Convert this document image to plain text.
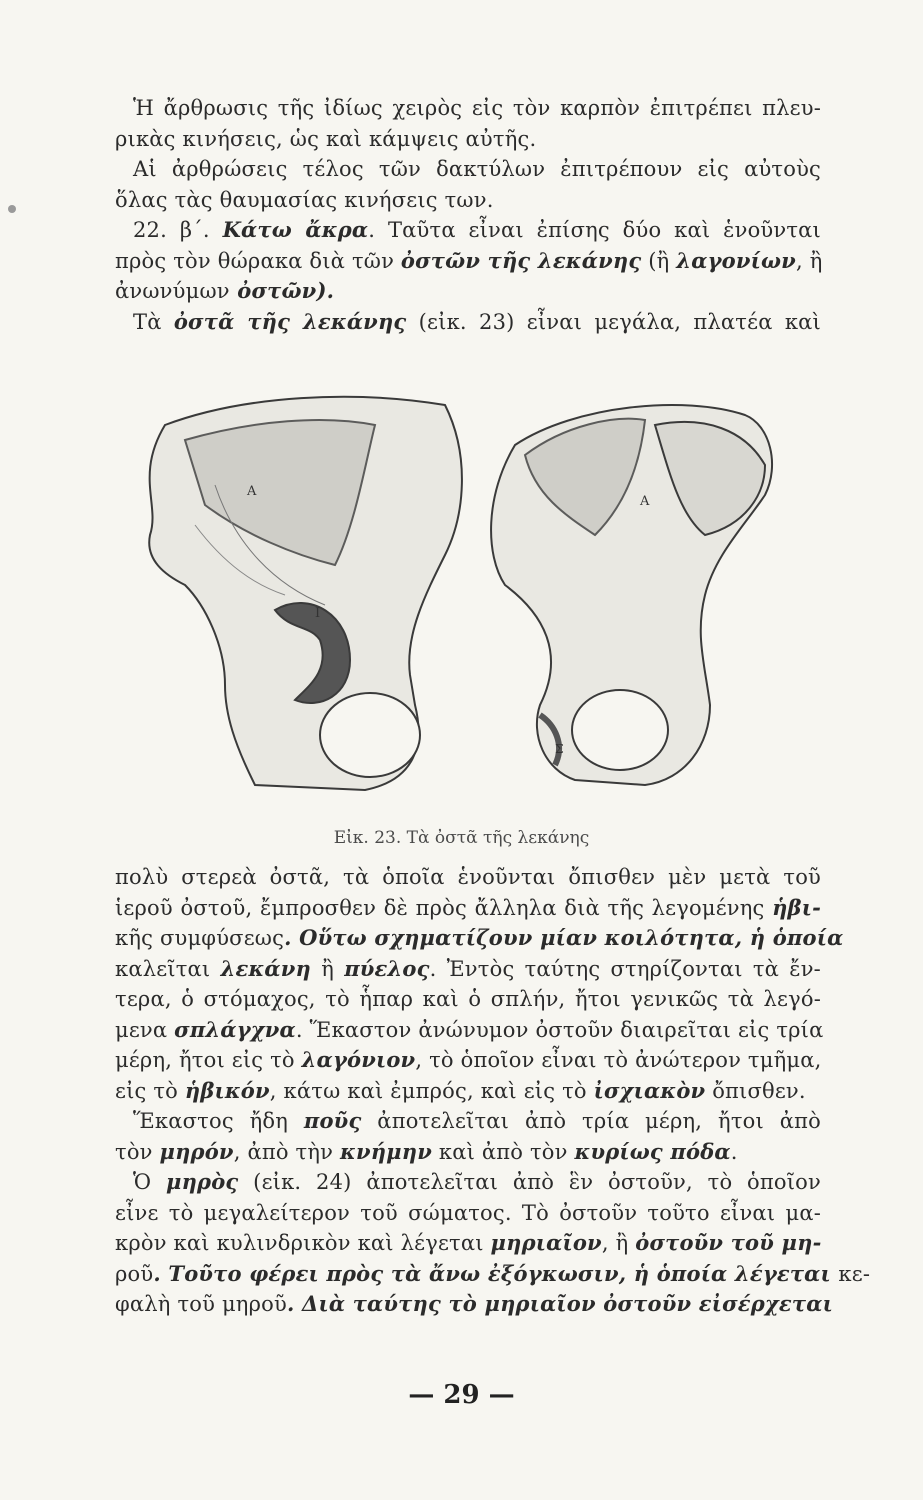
Ἡ ἄρθρωσις τῆς ἰδίως χειρὸς εἰς τὸν καρπὸν ἐπιτρέπει πλευ-
ρικὰς κινήσεις, ὡς καὶ κάμψεις αὐτῆς.
Αἱ ἀρθρώσεις τέλος τῶν δακτύλων ἐπιτρέπουν εἰς αὐτοὺς
ὅλας τὰς θαυμασίας κινήσεις των.
22. β΄. Κάτω ἄκρα. Ταῦτα εἶναι ἐπίσης δύο καὶ ἑνοῦνται
πρὸς τὸν θώρακα διὰ τῶν ὀστῶν τῆς λεκάνης (ἢ λαγονίων, ἢ
ἀνωνύμων ὀστῶν).
Τὰ ὀστᾶ τῆς λεκάνης (εἰκ. 23) εἶναι μεγάλα, πλατέα καὶ
A
I
A
Σ
Εἰκ. 23. Τὰ ὀστᾶ τῆς λεκάνης
πολὺ στερεὰ ὀστᾶ, τὰ ὁποῖα ἑνοῦνται ὄπισθεν μὲν μετὰ τοῦ
ἱεροῦ ὀστοῦ, ἔμπροσθεν δὲ πρὸς ἄλληλα διὰ τῆς λεγομένης ἡβι-
κῆς συμφύσεως. Οὕτω σχηματίζουν μίαν κοιλότητα, ἡ ὁποία
καλεῖται λεκάνη ἢ πύελος. Ἐντὸς ταύτης στηρίζονται τὰ ἔν-
τερα, ὁ στόμαχος, τὸ ἧπαρ καὶ ὁ σπλήν, ἤτοι γενικῶς τὰ λεγό-
μενα σπλάγχνα. Ἕκαστον ἀνώνυμον ὀστοῦν διαιρεῖται εἰς τρία
μέρη, ἤτοι εἰς τὸ λαγόνιον, τὸ ὁποῖον εἶναι τὸ ἀνώτερον τμῆμα,
εἰς τὸ ἡβικόν, κάτω καὶ ἐμπρός, καὶ εἰς τὸ ἰσχιακὸν ὄπισθεν.
Ἕκαστος ἤδη ποῦς ἀποτελεῖται ἀπὸ τρία μέρη, ἤτοι ἀπὸ
τὸν μηρόν, ἀπὸ τὴν κνήμην καὶ ἀπὸ τὸν κυρίως πόδα.
Ὁ μηρὸς (εἰκ. 24) ἀποτελεῖται ἀπὸ ἓν ὀστοῦν, τὸ ὁποῖον
εἶνε τὸ μεγαλείτερον τοῦ σώματος. Τὸ ὀστοῦν τοῦτο εἶναι μα-
κρὸν καὶ κυλινδρικὸν καὶ λέγεται μηριαῖον, ἢ ὀστοῦν τοῦ μη-
ροῦ. Τοῦτο φέρει πρὸς τὰ ἄνω ἐξόγκωσιν, ἡ ὁποία λέγεται κε-
φαλὴ τοῦ μηροῦ. Διὰ ταύτης τὸ μηριαῖον ὀστοῦν εἰσέρχεται
— 29 —
